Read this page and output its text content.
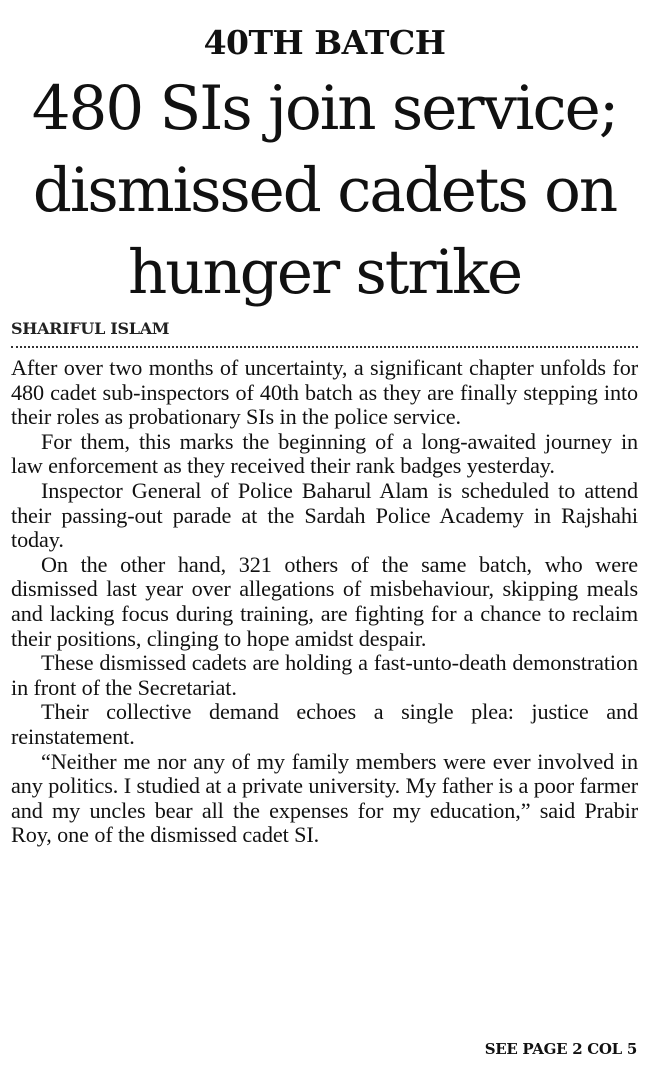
40TH BATCH
480 SIs join service; dismissed cadets on hunger strike
SHARIFUL ISLAM

After over two months of uncertainty, a significant chapter unfolds for 480 cadet sub-inspectors of 40th batch as they are finally stepping into their roles as probationary SIs in the police service.

For them, this marks the beginning of a long-awaited journey in law enforcement as they received their rank badges yesterday.

Inspector General of Police Baharul Alam is scheduled to attend their passing-out parade at the Sardah Police Academy in Rajshahi today.

On the other hand, 321 others of the same batch, who were dismissed last year over allegations of misbehaviour, skipping meals and lacking focus during training, are fighting for a chance to reclaim their positions, clinging to hope amidst despair.

These dismissed cadets are holding a fast-unto-death demonstration in front of the Secretariat.

Their collective demand echoes a single plea: justice and reinstatement.

“Neither me nor any of my family members were ever involved in any politics. I studied at a private university. My father is a poor farmer and my uncles bear all the expenses for my education,” said Prabir Roy, one of the dismissed cadet SI.

SEE PAGE 2 COL 5
